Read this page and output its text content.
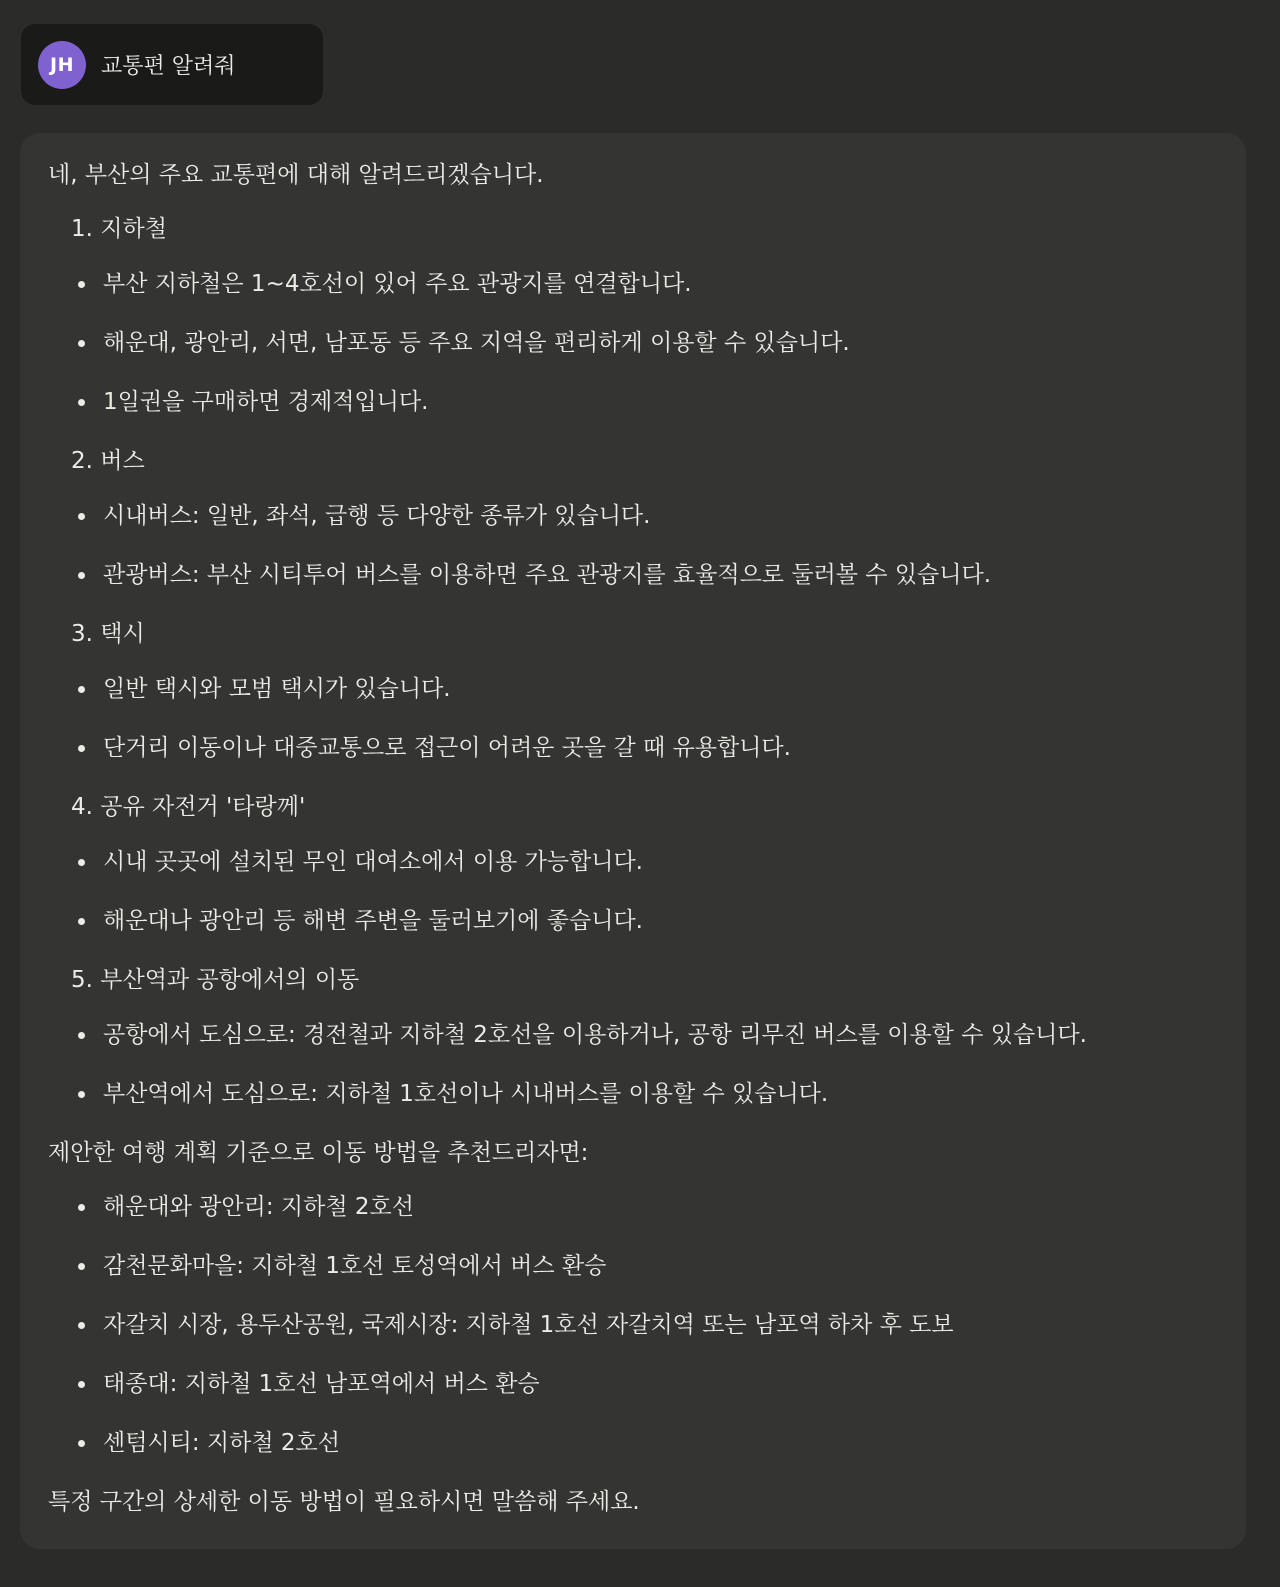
JH	교통편 알려줘
네, 부산의 주요 교통편에 대해 알려드리겠습니다.
1. 지하철
부산 지하철은 1~4호선이 있어 주요 관광지를 연결합니다.
해운대, 광안리, 서면, 남포동 등 주요 지역을 편리하게 이용할 수 있습니다.
1일권을 구매하면 경제적입니다.
2. 버스
시내버스: 일반, 좌석, 급행 등 다양한 종류가 있습니다.
관광버스: 부산 시티투어 버스를 이용하면 주요 관광지를 효율적으로 둘러볼 수 있습니다.
3. 택시
일반 택시와 모범 택시가 있습니다.
단거리 이동이나 대중교통으로 접근이 어려운 곳을 갈 때 유용합니다.
4. 공유 자전거 '타랑께'
시내 곳곳에 설치된 무인 대여소에서 이용 가능합니다.
해운대나 광안리 등 해변 주변을 둘러보기에 좋습니다.
5. 부산역과 공항에서의 이동
공항에서 도심으로: 경전철과 지하철 2호선을 이용하거나, 공항 리무진 버스를 이용할 수 있습니다.
부산역에서 도심으로: 지하철 1호선이나 시내버스를 이용할 수 있습니다.
제안한 여행 계획 기준으로 이동 방법을 추천드리자면:
해운대와 광안리: 지하철 2호선
감천문화마을: 지하철 1호선 토성역에서 버스 환승
자갈치 시장, 용두산공원, 국제시장: 지하철 1호선 자갈치역 또는 남포역 하차 후 도보
태종대: 지하철 1호선 남포역에서 버스 환승
센텀시티: 지하철 2호선
특정 구간의 상세한 이동 방법이 필요하시면 말씀해 주세요.
